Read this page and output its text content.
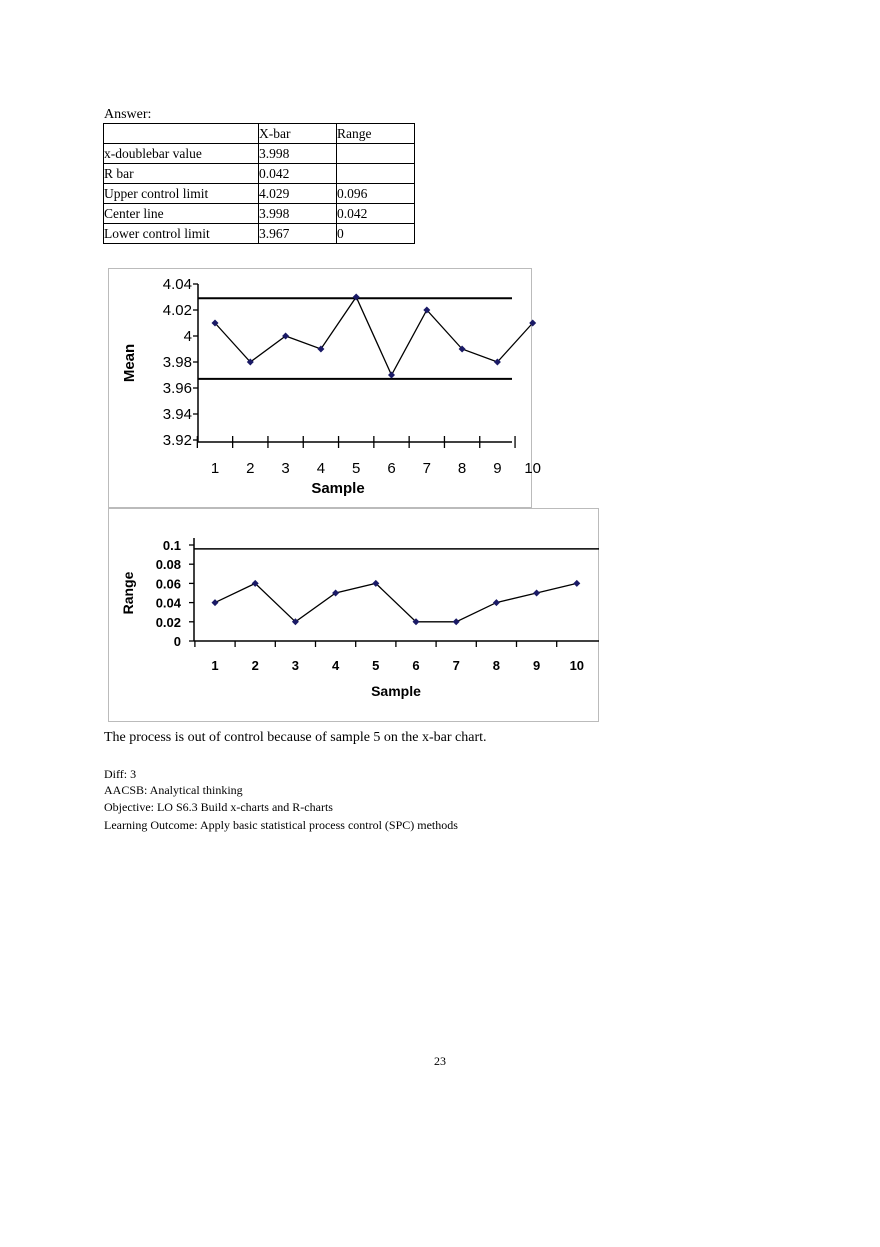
Answer:
	X-bar	Range
x-doublebar value	3.998	
R bar	0.042	
Upper control limit	4.029	0.096
Center line	3.998	0.042
Lower control limit	3.967	0
4.04
4.02
4
3.98
3.96
3.94
3.92
1 2 3 4 5 6 7 8 9 10
Sample
Mean
0.1
0.08
0.06
0.04
0.02
0
1	2	3	4	5	6	7	8	9 10
Sample
Range
The process is out of control because of sample 5 on the x-bar chart.
Diff: 3
AACSB: Analytical thinking
Objective: LO S6.3 Build x-charts and R-charts
Learning Outcome: Apply basic statistical process control (SPC) methods
23
